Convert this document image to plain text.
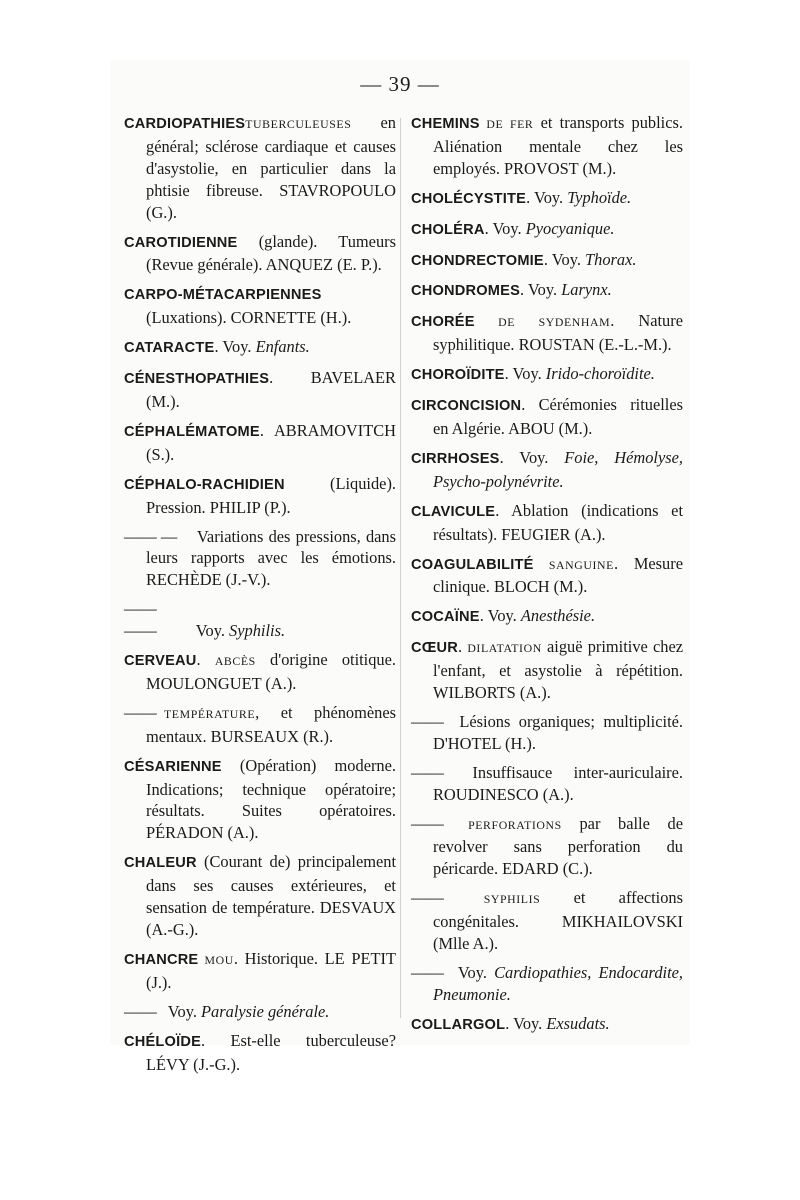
— 39 —
CARDIOPATHIESTUBERCULEUSES en général; sclérose cardiaque et causes d'asystolie, en particulier dans la phtisie fibreuse. STAVROPOULO (G.).
CAROTIDIENNE (glande). Tumeurs (Revue générale). ANQUEZ (E. P.).
CARPO-MÉTACARPIENNES (Luxations). CORNETTE (H.).
CATARACTE. Voy. Enfants.
CÉNESTHOPATHIES. BAVELAER (M.).
CÉPHALÉMATOME. ABRAMOVITCH (S.).
CÉPHALO-RACHIDIEN (Liquide). Pression. PHILIP (P.).
—— — Variations des pressions, dans leurs rapports avec les émotions. RECHÈDE (J.-V.).
—— —— Voy. Syphilis.
CERVEAU. ABCÈS d'origine otitique. MOULONGUET (A.).
—— TEMPÉRATURE, et phénomènes mentaux. BURSEAUX (R.).
CÉSARIENNE (Opération) moderne. Indications; technique opératoire; résultats. Suites opératoires. PÉRADON (A.).
CHALEUR (Courant de) principalement dans ses causes extérieures, et sensation de température. DESVAUX (A.-G.).
CHANCRE MOU. Historique. LE PETIT (J.).
—— Voy. Paralysie générale.
CHÉLOÏDE. Est-elle tuberculeuse? LÉVY (J.-G.).
CHEMINS DE FER et transports publics. Aliénation mentale chez les employés. PROVOST (M.).
CHOLÉCYSTITE. Voy. Typhoïde.
CHOLÉRA. Voy. Pyocyanique.
CHONDRECTOMIE. Voy. Thorax.
CHONDROMES. Voy. Larynx.
CHORÉE DE SYDENHAM. Nature syphilitique. ROUSTAN (E.-L.-M.).
CHOROÏDITE. Voy. Irido-choroïdite.
CIRCONCISION. Cérémonies rituelles en Algérie. ABOU (M.).
CIRRHOSES. Voy. Foie, Hémolyse, Psycho-polynévrite.
CLAVICULE. Ablation (indications et résultats). FEUGIER (A.).
COAGULABILITÉ SANGUINE. Mesure clinique. BLOCH (M.).
COCAÏNE. Voy. Anesthésie.
CŒUR. DILATATION aiguë primitive chez l'enfant, et asystolie à répétition. WILBORTS (A.).
—— Lésions organiques; multiplicité. D'HOTEL (H.).
—— Insuffisauce inter-auriculaire. ROUDINESCO (A.).
—— PERFORATIONS par balle de revolver sans perforation du péricarde. EDARD (C.).
—— SYPHILIS et affections congénitales. MIKHAILOVSKI (Mlle A.).
—— Voy. Cardiopathies, Endocardite, Pneumonie.
COLLARGOL. Voy. Exsudats.
